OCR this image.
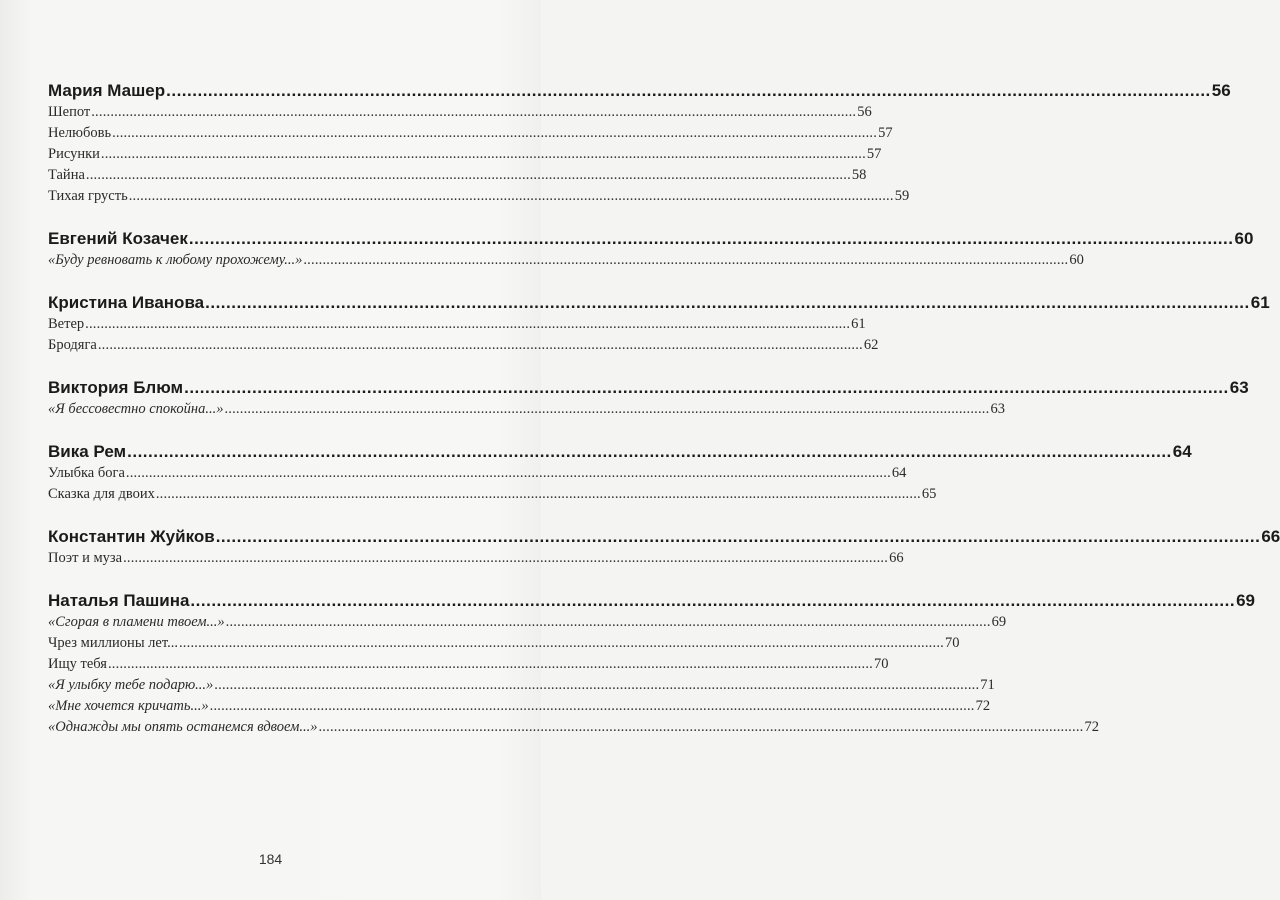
Мария Машер ........................................................................................................................................................................................................ 56
Шепот ........................................................................................................................................................................................................ 56
Нелюбовь ........................................................................................................................................................................................................ 57
Рисунки ........................................................................................................................................................................................................ 57
Тайна ........................................................................................................................................................................................................ 58
Тихая грусть ........................................................................................................................................................................................................ 59
Евгений Козачек ........................................................................................................................................................................................................ 60
«Буду ревновать к любому прохожему...» ........................................................................................................................................................................................................ 60
Кристина Иванова ........................................................................................................................................................................................................ 61
Ветер ........................................................................................................................................................................................................ 61
Бродяга ........................................................................................................................................................................................................ 62
Виктория Блюм ........................................................................................................................................................................................................ 63
«Я бессовестно спокойна...» ........................................................................................................................................................................................................ 63
Вика Рем ........................................................................................................................................................................................................ 64
Улыбка бога ........................................................................................................................................................................................................ 64
Сказка для двоих ........................................................................................................................................................................................................ 65
Константин Жуйков ........................................................................................................................................................................................................ 66
Поэт и муза ........................................................................................................................................................................................................ 66
Наталья Пашина ........................................................................................................................................................................................................ 69
«Сгорая в пламени твоем...» ........................................................................................................................................................................................................ 69
Чрез миллионы лет... ........................................................................................................................................................................................................ 70
Ищу тебя ........................................................................................................................................................................................................ 70
«Я улыбку тебе подарю...» ........................................................................................................................................................................................................ 71
«Мне хочется кричать...» ........................................................................................................................................................................................................ 72
«Однажды мы опять останемся вдвоем...» ........................................................................................................................................................................................................ 72
184
